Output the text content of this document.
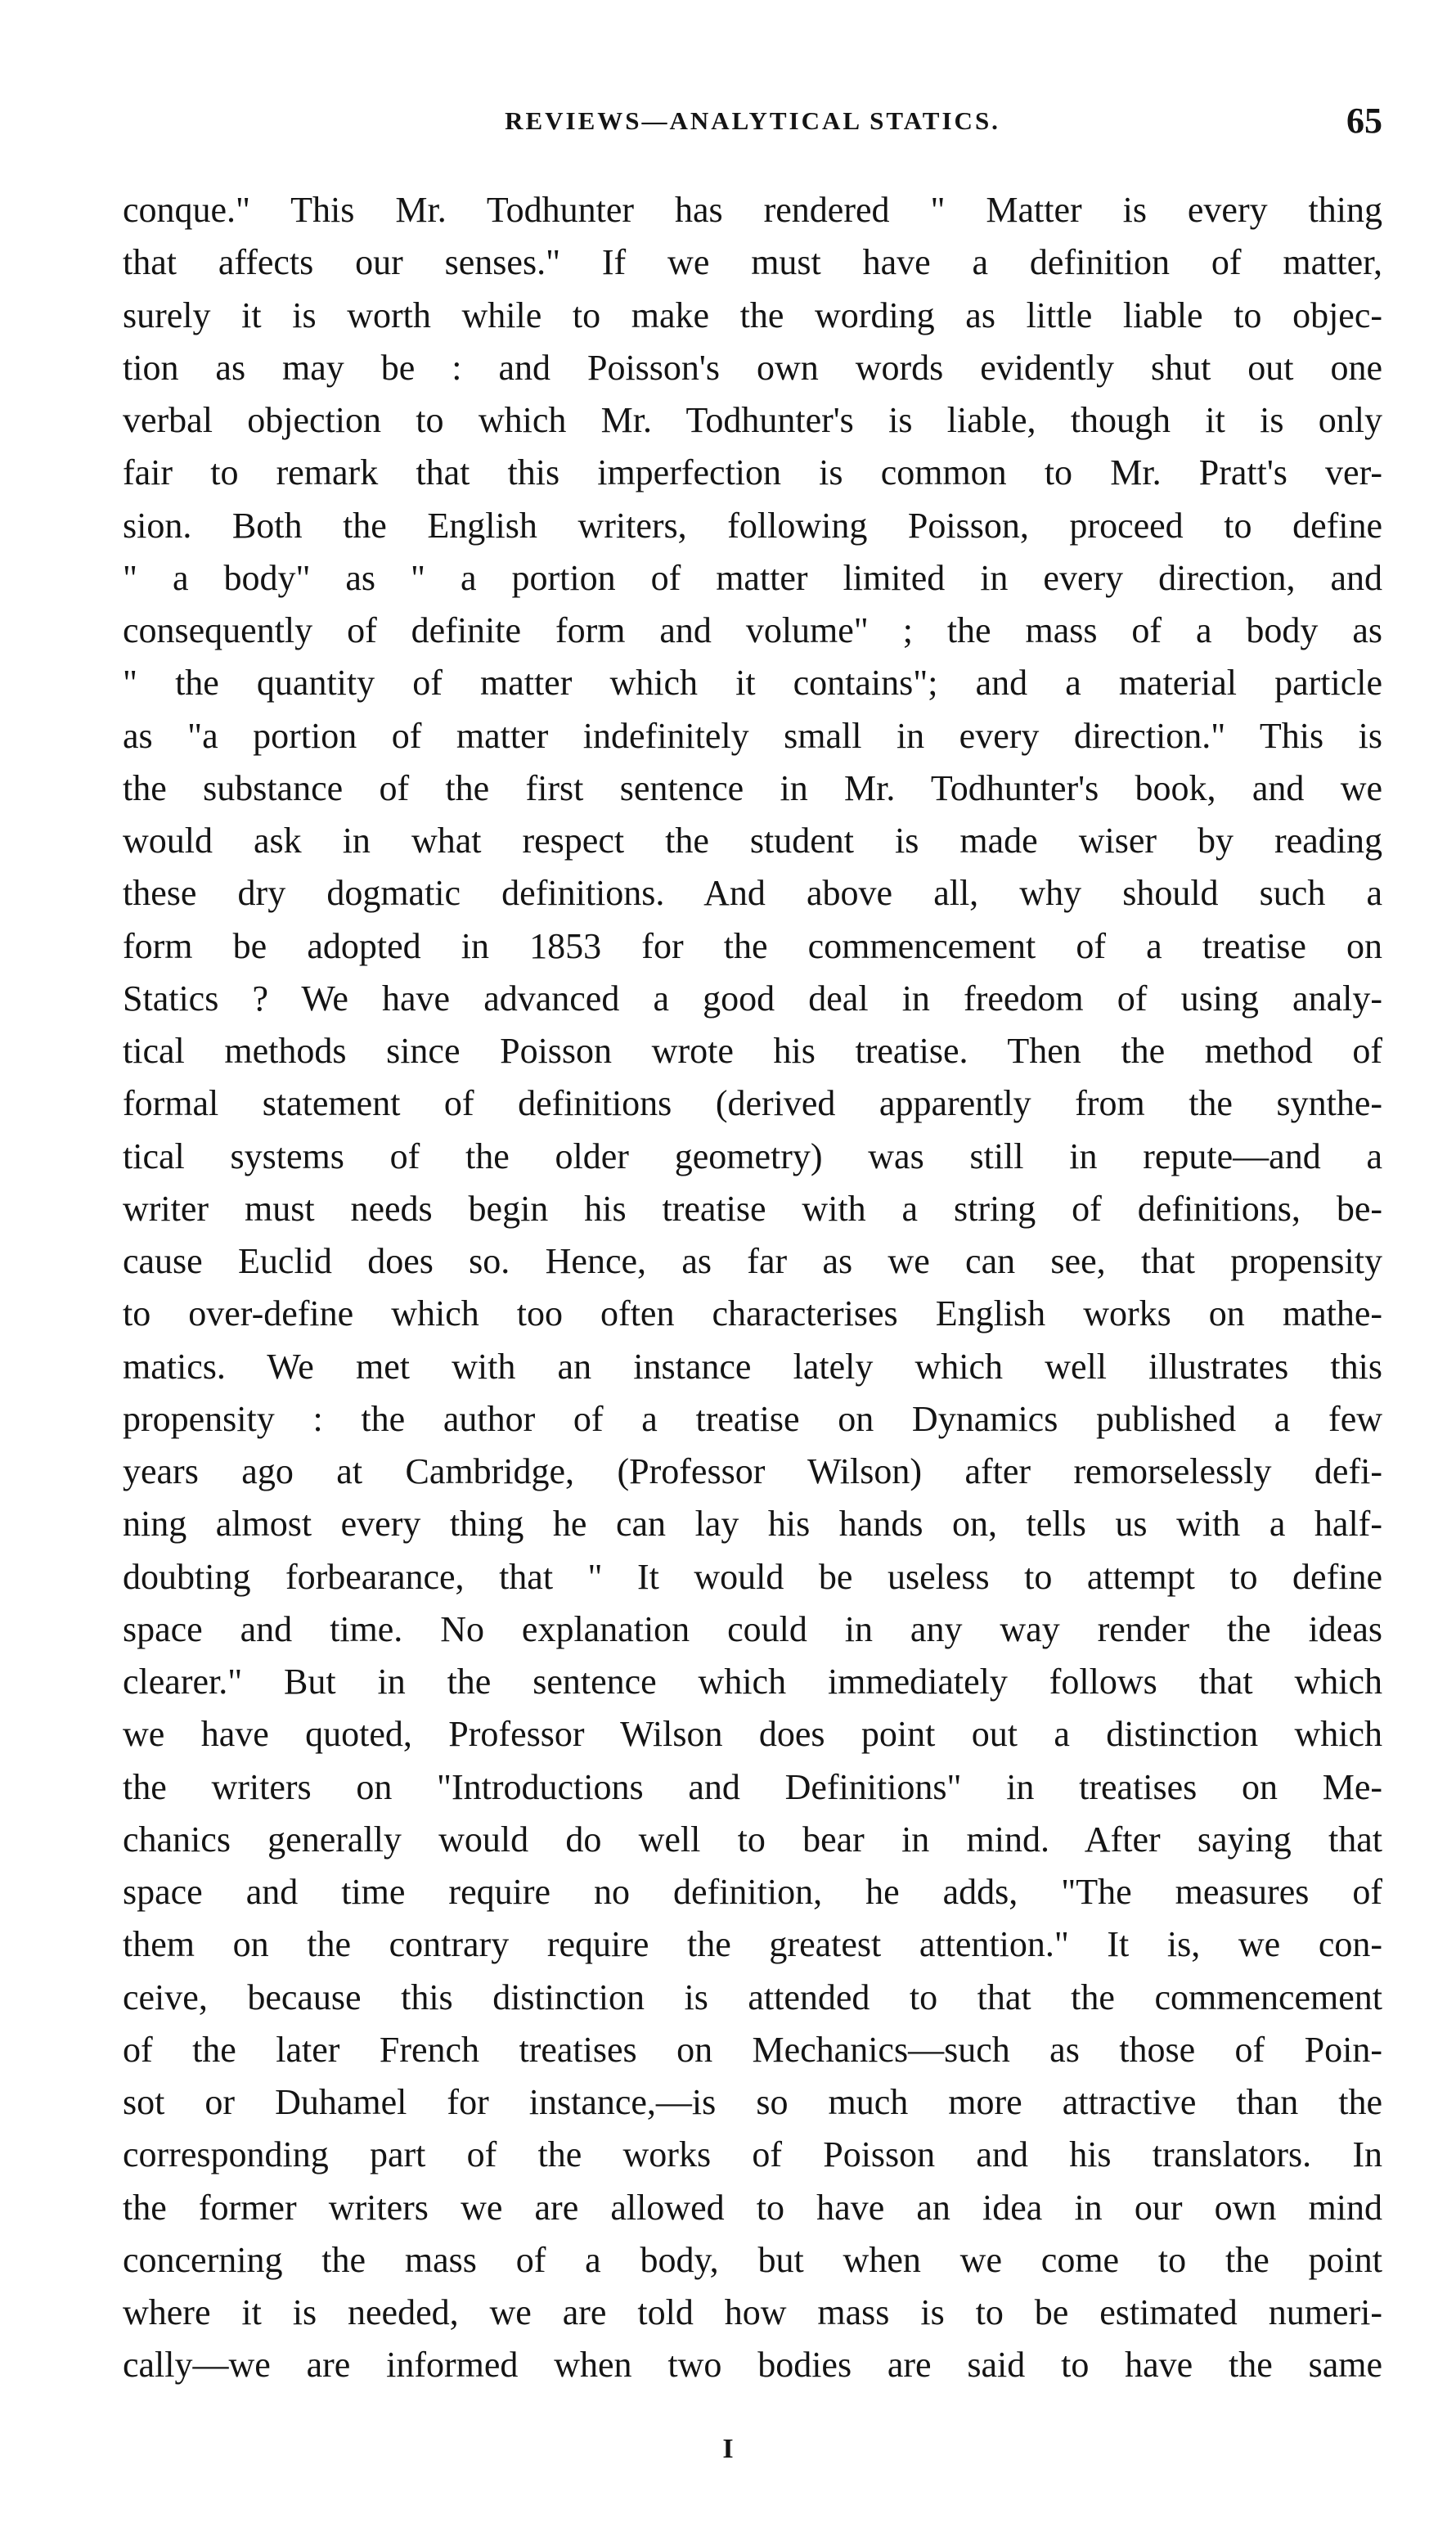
REVIEWS—ANALYTICAL STATICS.	65
conque." This Mr. Todhunter has rendered " Matter is every thing
that affects our senses." If we must have a definition of matter,
surely it is worth while to make the wording as little liable to objec-
tion as may be : and Poisson's own words evidently shut out one
verbal objection to which Mr. Todhunter's is liable, though it is only
fair to remark that this imperfection is common to Mr. Pratt's ver-
sion. Both the English writers, following Poisson, proceed to define
" a body" as " a portion of matter limited in every direction, and
consequently of definite form and volume" ; the mass of a body as
" the quantity of matter which it contains"; and a material particle
as "a portion of matter indefinitely small in every direction." This is
the substance of the first sentence in Mr. Todhunter's book, and we
would ask in what respect the student is made wiser by reading
these dry dogmatic definitions. And above all, why should such a
form be adopted in 1853 for the commencement of a treatise on
Statics ? We have advanced a good deal in freedom of using analy-
tical methods since Poisson wrote his treatise. Then the method of
formal statement of definitions (derived apparently from the synthe-
tical systems of the older geometry) was still in repute—and a
writer must needs begin his treatise with a string of definitions, be-
cause Euclid does so. Hence, as far as we can see, that propensity
to over-define which too often characterises English works on mathe-
matics. We met with an instance lately which well illustrates this
propensity : the author of a treatise on Dynamics published a few
years ago at Cambridge, (Professor Wilson) after remorselessly defi-
ning almost every thing he can lay his hands on, tells us with a half-
doubting forbearance, that " It would be useless to attempt to define
space and time. No explanation could in any way render the ideas
clearer." But in the sentence which immediately follows that which
we have quoted, Professor Wilson does point out a distinction which
the writers on "Introductions and Definitions" in treatises on Me-
chanics generally would do well to bear in mind. After saying that
space and time require no definition, he adds, "The measures of
them on the contrary require the greatest attention." It is, we con-
ceive, because this distinction is attended to that the commencement
of the later French treatises on Mechanics—such as those of Poin-
sot or Duhamel for instance,—is so much more attractive than the
corresponding part of the works of Poisson and his translators. In
the former writers we are allowed to have an idea in our own mind
concerning the mass of a body, but when we come to the point
where it is needed, we are told how mass is to be estimated numeri-
cally—we are informed when two bodies are said to have the same
I
